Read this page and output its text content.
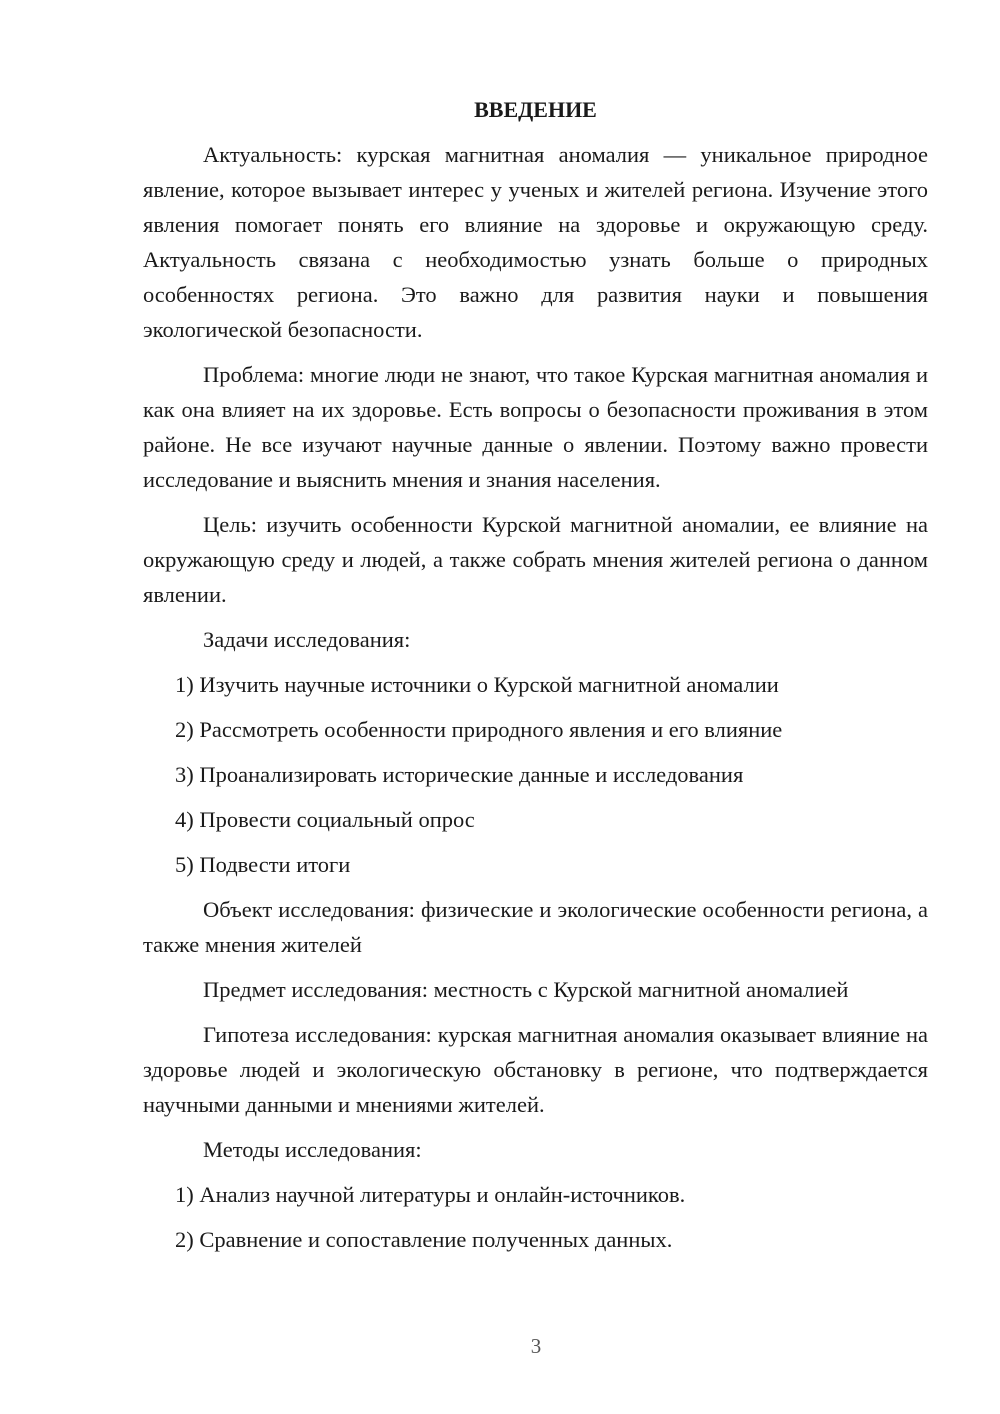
ВВЕДЕНИЕ

Актуальность: курская магнитная аномалия — уникальное природное явление, которое вызывает интерес у ученых и жителей региона. Изучение этого явления помогает понять его влияние на здоровье и окружающую среду. Актуальность связана с необходимостью узнать больше о природных особенностях региона. Это важно для развития науки и повышения экологической безопасности.

Проблема: многие люди не знают, что такое Курская магнитная аномалия и как она влияет на их здоровье. Есть вопросы о безопасности проживания в этом районе. Не все изучают научные данные о явлении. Поэтому важно провести исследование и выяснить мнения и знания населения.

Цель: изучить особенности Курской магнитной аномалии, ее влияние на окружающую среду и людей, а также собрать мнения жителей региона о данном явлении.

Задачи исследования:

1) Изучить научные источники о Курской магнитной аномалии
2) Рассмотреть особенности природного явления и его влияние
3) Проанализировать исторические данные и исследования
4) Провести социальный опрос
5) Подвести итоги

Объект исследования: физические и экологические особенности региона, а также мнения жителей

Предмет исследования: местность с Курской магнитной аномалией

Гипотеза исследования: курская магнитная аномалия оказывает влияние на здоровье людей и экологическую обстановку в регионе, что подтверждается научными данными и мнениями жителей.

Методы исследования:

1) Анализ научной литературы и онлайн-источников.
2) Сравнение и сопоставление полученных данных.
3
